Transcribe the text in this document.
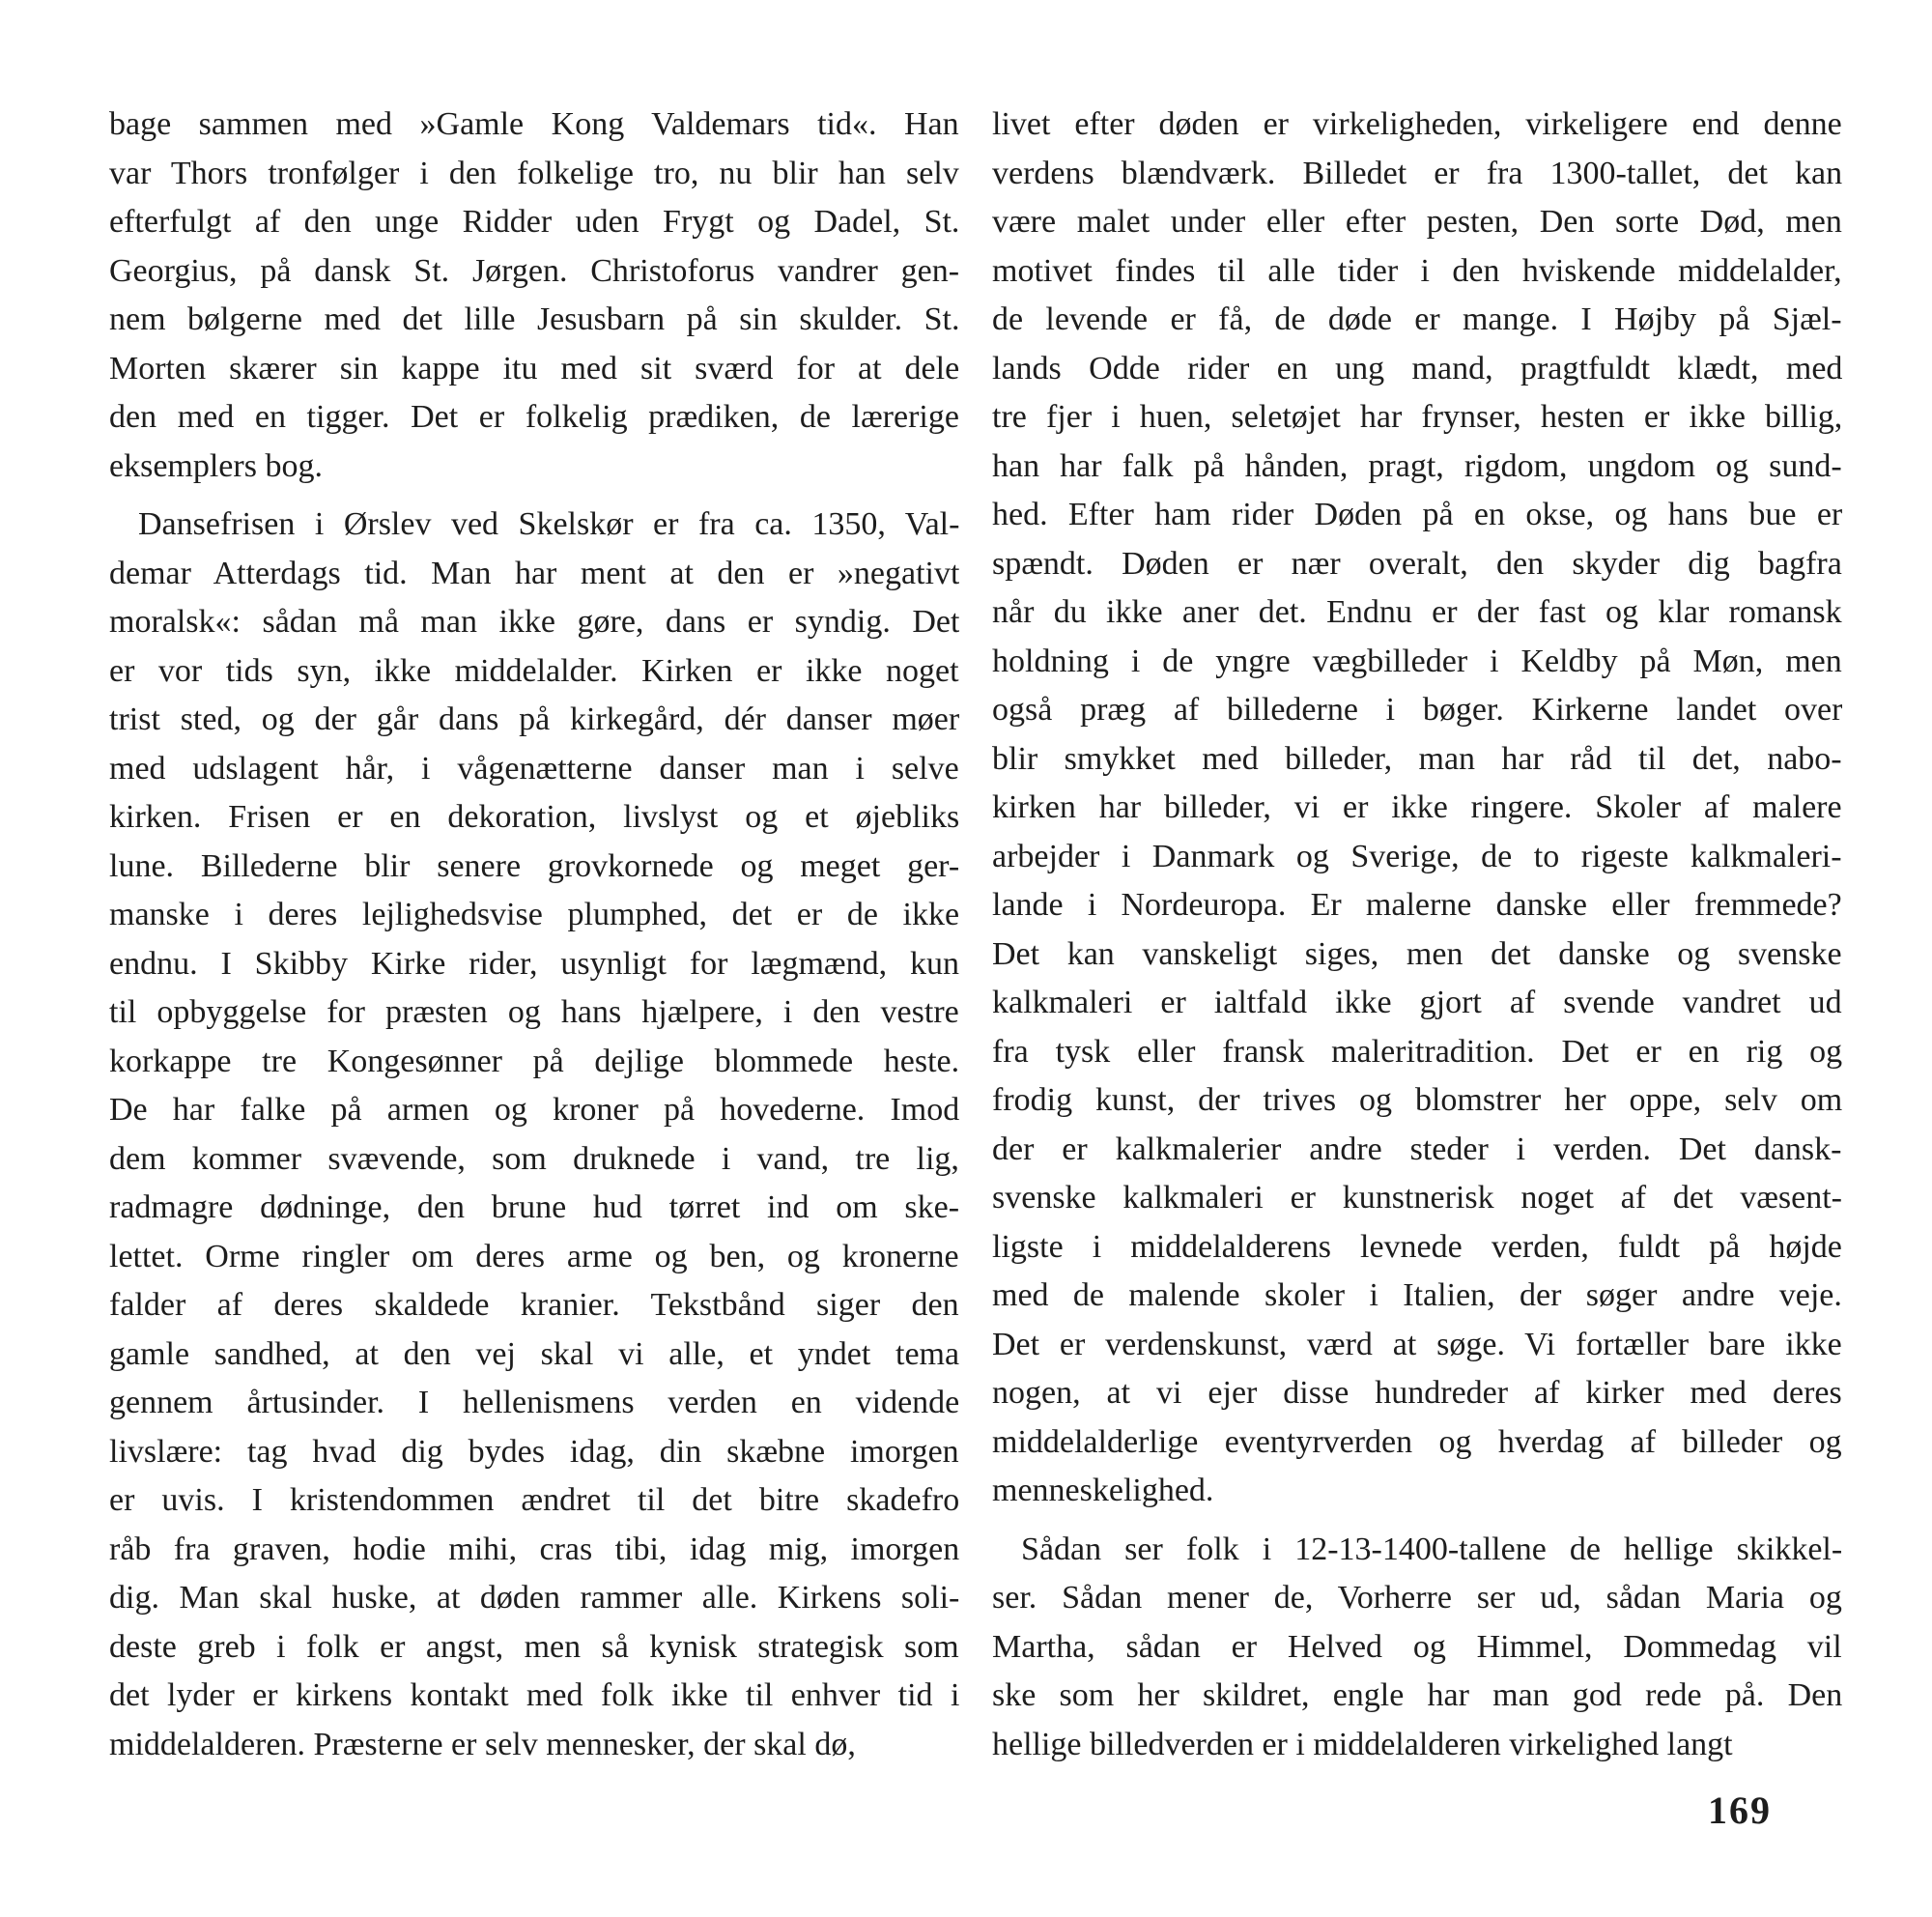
bage sammen med »Gamle Kong Valdemars tid«. Han
var Thors tronfølger i den folkelige tro, nu blir han selv
efterfulgt af den unge Ridder uden Frygt og Dadel, St.
Georgius, på dansk St. Jørgen. Christoforus vandrer gen-
nem bølgerne med det lille Jesusbarn på sin skulder. St.
Morten skærer sin kappe itu med sit sværd for at dele
den med en tigger. Det er folkelig prædiken, de lærerige
eksemplers bog.
Dansefrisen i Ørslev ved Skelskør er fra ca. 1350, Val-
demar Atterdags tid. Man har ment at den er »negativt
moralsk«: sådan må man ikke gøre, dans er syndig. Det
er vor tids syn, ikke middelalder. Kirken er ikke noget
trist sted, og der går dans på kirkegård, dér danser møer
med udslagent hår, i vågenætterne danser man i selve
kirken. Frisen er en dekoration, livslyst og et øjebliks
lune. Billederne blir senere grovkornede og meget ger-
manske i deres lejlighedsvise plumphed, det er de ikke
endnu. I Skibby Kirke rider, usynligt for lægmænd, kun
til opbyggelse for præsten og hans hjælpere, i den vestre
korkappe tre Kongesønner på dejlige blommede heste.
De har falke på armen og kroner på hovederne. Imod
dem kommer svævende, som druknede i vand, tre lig,
radmagre dødninge, den brune hud tørret ind om ske-
lettet. Orme ringler om deres arme og ben, og kronerne
falder af deres skaldede kranier. Tekstbånd siger den
gamle sandhed, at den vej skal vi alle, et yndet tema
gennem årtusinder. I hellenismens verden en vidende
livslære: tag hvad dig bydes idag, din skæbne imorgen
er uvis. I kristendommen ændret til det bitre skadefro
råb fra graven, hodie mihi, cras tibi, idag mig, imorgen
dig. Man skal huske, at døden rammer alle. Kirkens soli-
deste greb i folk er angst, men så kynisk strategisk som
det lyder er kirkens kontakt med folk ikke til enhver tid i
middelalderen. Præsterne er selv mennesker, der skal dø,
livet efter døden er virkeligheden, virkeligere end denne
verdens blændværk. Billedet er fra 1300-tallet, det kan
være malet under eller efter pesten, Den sorte Død, men
motivet findes til alle tider i den hviskende middelalder,
de levende er få, de døde er mange. I Højby på Sjæl-
lands Odde rider en ung mand, pragtfuldt klædt, med
tre fjer i huen, seletøjet har frynser, hesten er ikke billig,
han har falk på hånden, pragt, rigdom, ungdom og sund-
hed. Efter ham rider Døden på en okse, og hans bue er
spændt. Døden er nær overalt, den skyder dig bagfra
når du ikke aner det. Endnu er der fast og klar romansk
holdning i de yngre vægbilleder i Keldby på Møn, men
også præg af billederne i bøger. Kirkerne landet over
blir smykket med billeder, man har råd til det, nabo-
kirken har billeder, vi er ikke ringere. Skoler af malere
arbejder i Danmark og Sverige, de to rigeste kalkmaleri-
lande i Nordeuropa. Er malerne danske eller fremmede?
Det kan vanskeligt siges, men det danske og svenske
kalkmaleri er ialtfald ikke gjort af svende vandret ud
fra tysk eller fransk maleritradition. Det er en rig og
frodig kunst, der trives og blomstrer her oppe, selv om
der er kalkmalerier andre steder i verden. Det dansk-
svenske kalkmaleri er kunstnerisk noget af det væsent-
ligste i middelalderens levnede verden, fuldt på højde
med de malende skoler i Italien, der søger andre veje.
Det er verdenskunst, værd at søge. Vi fortæller bare ikke
nogen, at vi ejer disse hundreder af kirker med deres
middelalderlige eventyrverden og hverdag af billeder og
menneskelighed.
Sådan ser folk i 12-13-1400-tallene de hellige skikkel-
ser. Sådan mener de, Vorherre ser ud, sådan Maria og
Martha, sådan er Helved og Himmel, Dommedag vil
ske som her skildret, engle har man god rede på. Den
hellige billedverden er i middelalderen virkelighed langt
169
